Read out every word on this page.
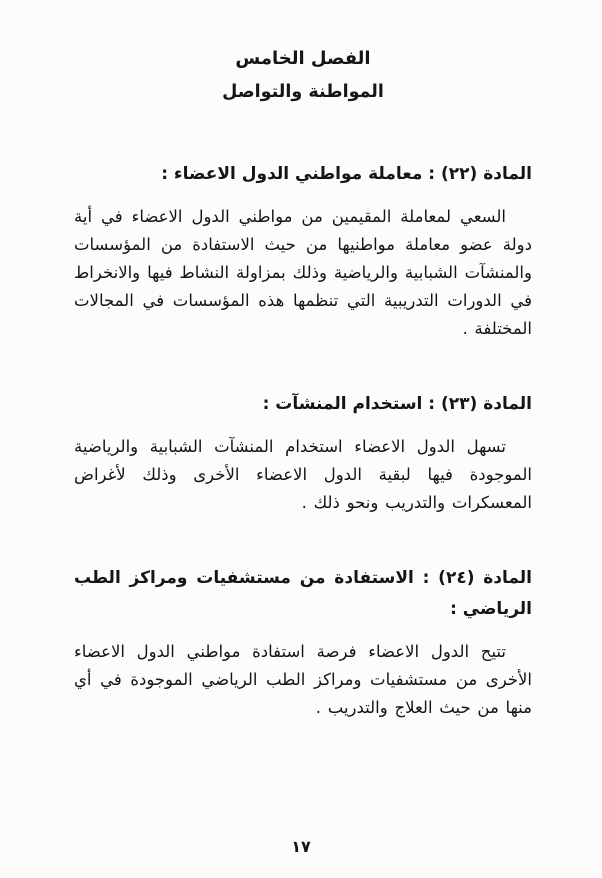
الفصل الخامس
المواطنة والتواصل
المادة (٢٢) : معاملة مواطني الدول الاعضاء :

السعي لمعاملة المقيمين من مواطني الدول الاعضاء في أية دولة عضو معاملة مواطنيها من حيث الاستفادة من المؤسسات والمنشآت الشبابية والرياضية وذلك بمزاولة النشاط فيها والانخراط في الدورات التدريبية التي تنظمها هذه المؤسسات في المجالات المختلفة .

المادة (٢٣) : استخدام المنشآت :

تسهل الدول الاعضاء استخدام المنشآت الشبابية والرياضية الموجودة فيها لبقية الدول الاعضاء الأخرى وذلك لأغراض المعسكرات والتدريب ونحو ذلك .

المادة (٢٤) : الاستفادة من مستشفيات ومراكز الطب الرياضي :

تتيح الدول الاعضاء فرصة استفادة مواطني الدول الاعضاء الأخرى من مستشفيات ومراكز الطب الرياضي الموجودة في أي منها من حيث العلاج والتدريب .

١٧
